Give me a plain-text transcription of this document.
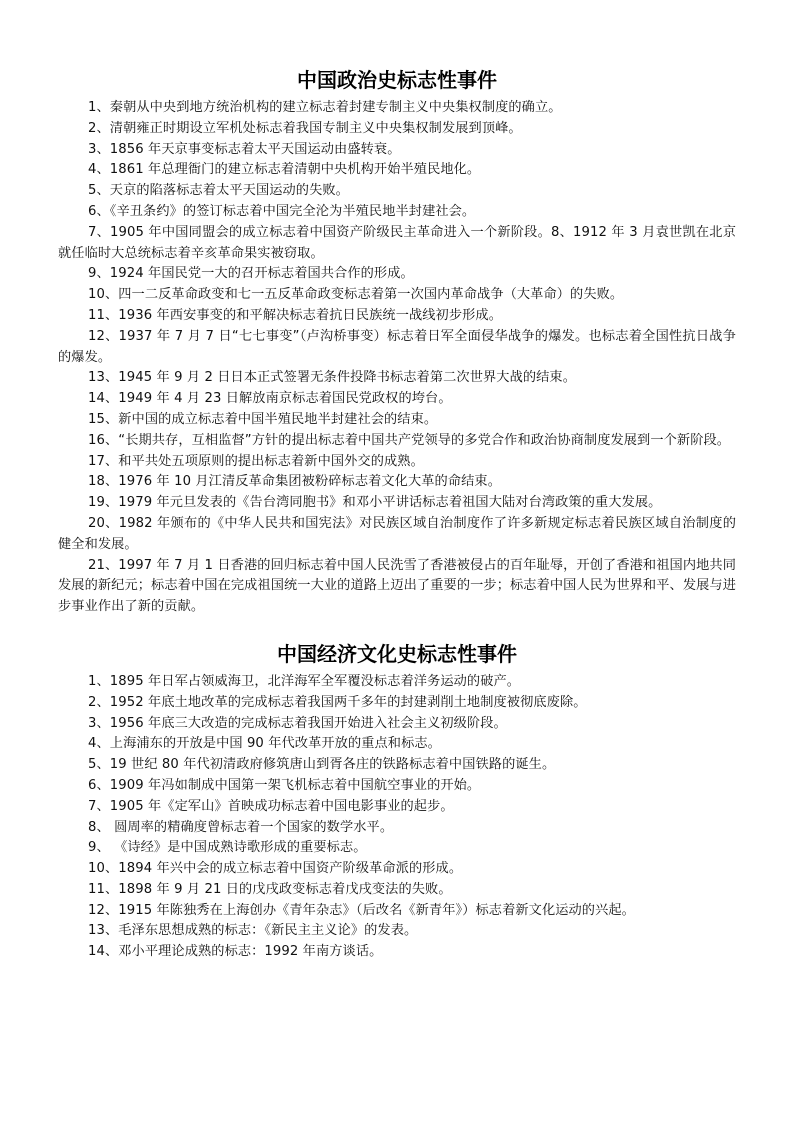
中国政治史标志性事件

1、秦朝从中央到地方统治机构的建立标志着封建专制主义中央集权制度的确立。

2、清朝雍正时期设立军机处标志着我国专制主义中央集权制发展到顶峰。

3、1856 年天京事变标志着太平天国运动由盛转衰。

4、1861 年总理衙门的建立标志着清朝中央机构开始半殖民地化。

5、天京的陷落标志着太平天国运动的失败。

6、《辛丑条约》的签订标志着中国完全沦为半殖民地半封建社会。

7、1905 年中国同盟会的成立标志着中国资产阶级民主革命进入一个新阶段。8、1912 年 3 月袁世凯在北京就任临时大总统标志着辛亥革命果实被窃取。

9、1924 年国民党一大的召开标志着国共合作的形成。

10、四一二反革命政变和七一五反革命政变标志着第一次国内革命战争（大革命）的失败。

11、1936 年西安事变的和平解决标志着抗日民族统一战线初步形成。

12、1937 年 7 月 7 日“七七事变”（卢沟桥事变）标志着日军全面侵华战争的爆发。也标志着全国性抗日战争的爆发。

13、1945 年 9 月 2 日日本正式签署无条件投降书标志着第二次世界大战的结束。

14、1949 年 4 月 23 日解放南京标志着国民党政权的垮台。

15、新中国的成立标志着中国半殖民地半封建社会的结束。

16、“长期共存，互相监督”方针的提出标志着中国共产党领导的多党合作和政治协商制度发展到一个新阶段。

17、和平共处五项原则的提出标志着新中国外交的成熟。

18、1976 年 10 月江清反革命集团被粉碎标志着文化大革的命结束。

19、1979 年元旦发表的《告台湾同胞书》和邓小平讲话标志着祖国大陆对台湾政策的重大发展。

20、1982 年颁布的《中华人民共和国宪法》对民族区域自治制度作了许多新规定标志着民族区域自治制度的健全和发展。

21、1997 年 7 月 1 日香港的回归标志着中国人民洗雪了香港被侵占的百年耻辱，开创了香港和祖国内地共同发展的新纪元；标志着中国在完成祖国统一大业的道路上迈出了重要的一步；标志着中国人民为世界和平、发展与进步事业作出了新的贡献。

中国经济文化史标志性事件

1、1895 年日军占领威海卫，北洋海军全军覆没标志着洋务运动的破产。

2、1952 年底土地改革的完成标志着我国两千多年的封建剥削土地制度被彻底废除。

3、1956 年底三大改造的完成标志着我国开始进入社会主义初级阶段。

4、上海浦东的开放是中国 90 年代改革开放的重点和标志。

5、19 世纪 80 年代初清政府修筑唐山到胥各庄的铁路标志着中国铁路的诞生。

6、1909 年冯如制成中国第一架飞机标志着中国航空事业的开始。

7、1905 年《定军山》首映成功标志着中国电影事业的起步。

8、 圆周率的精确度曾标志着一个国家的数学水平。

9、 《诗经》是中国成熟诗歌形成的重要标志。

10、1894 年兴中会的成立标志着中国资产阶级革命派的形成。

11、1898 年 9 月 21 日的戊戌政变标志着戊戌变法的失败。

12、1915 年陈独秀在上海创办《青年杂志》（后改名《新青年》）标志着新文化运动的兴起。

13、毛泽东思想成熟的标志：《新民主主义论》的发表。

14、邓小平理论成熟的标志：1992 年南方谈话。
